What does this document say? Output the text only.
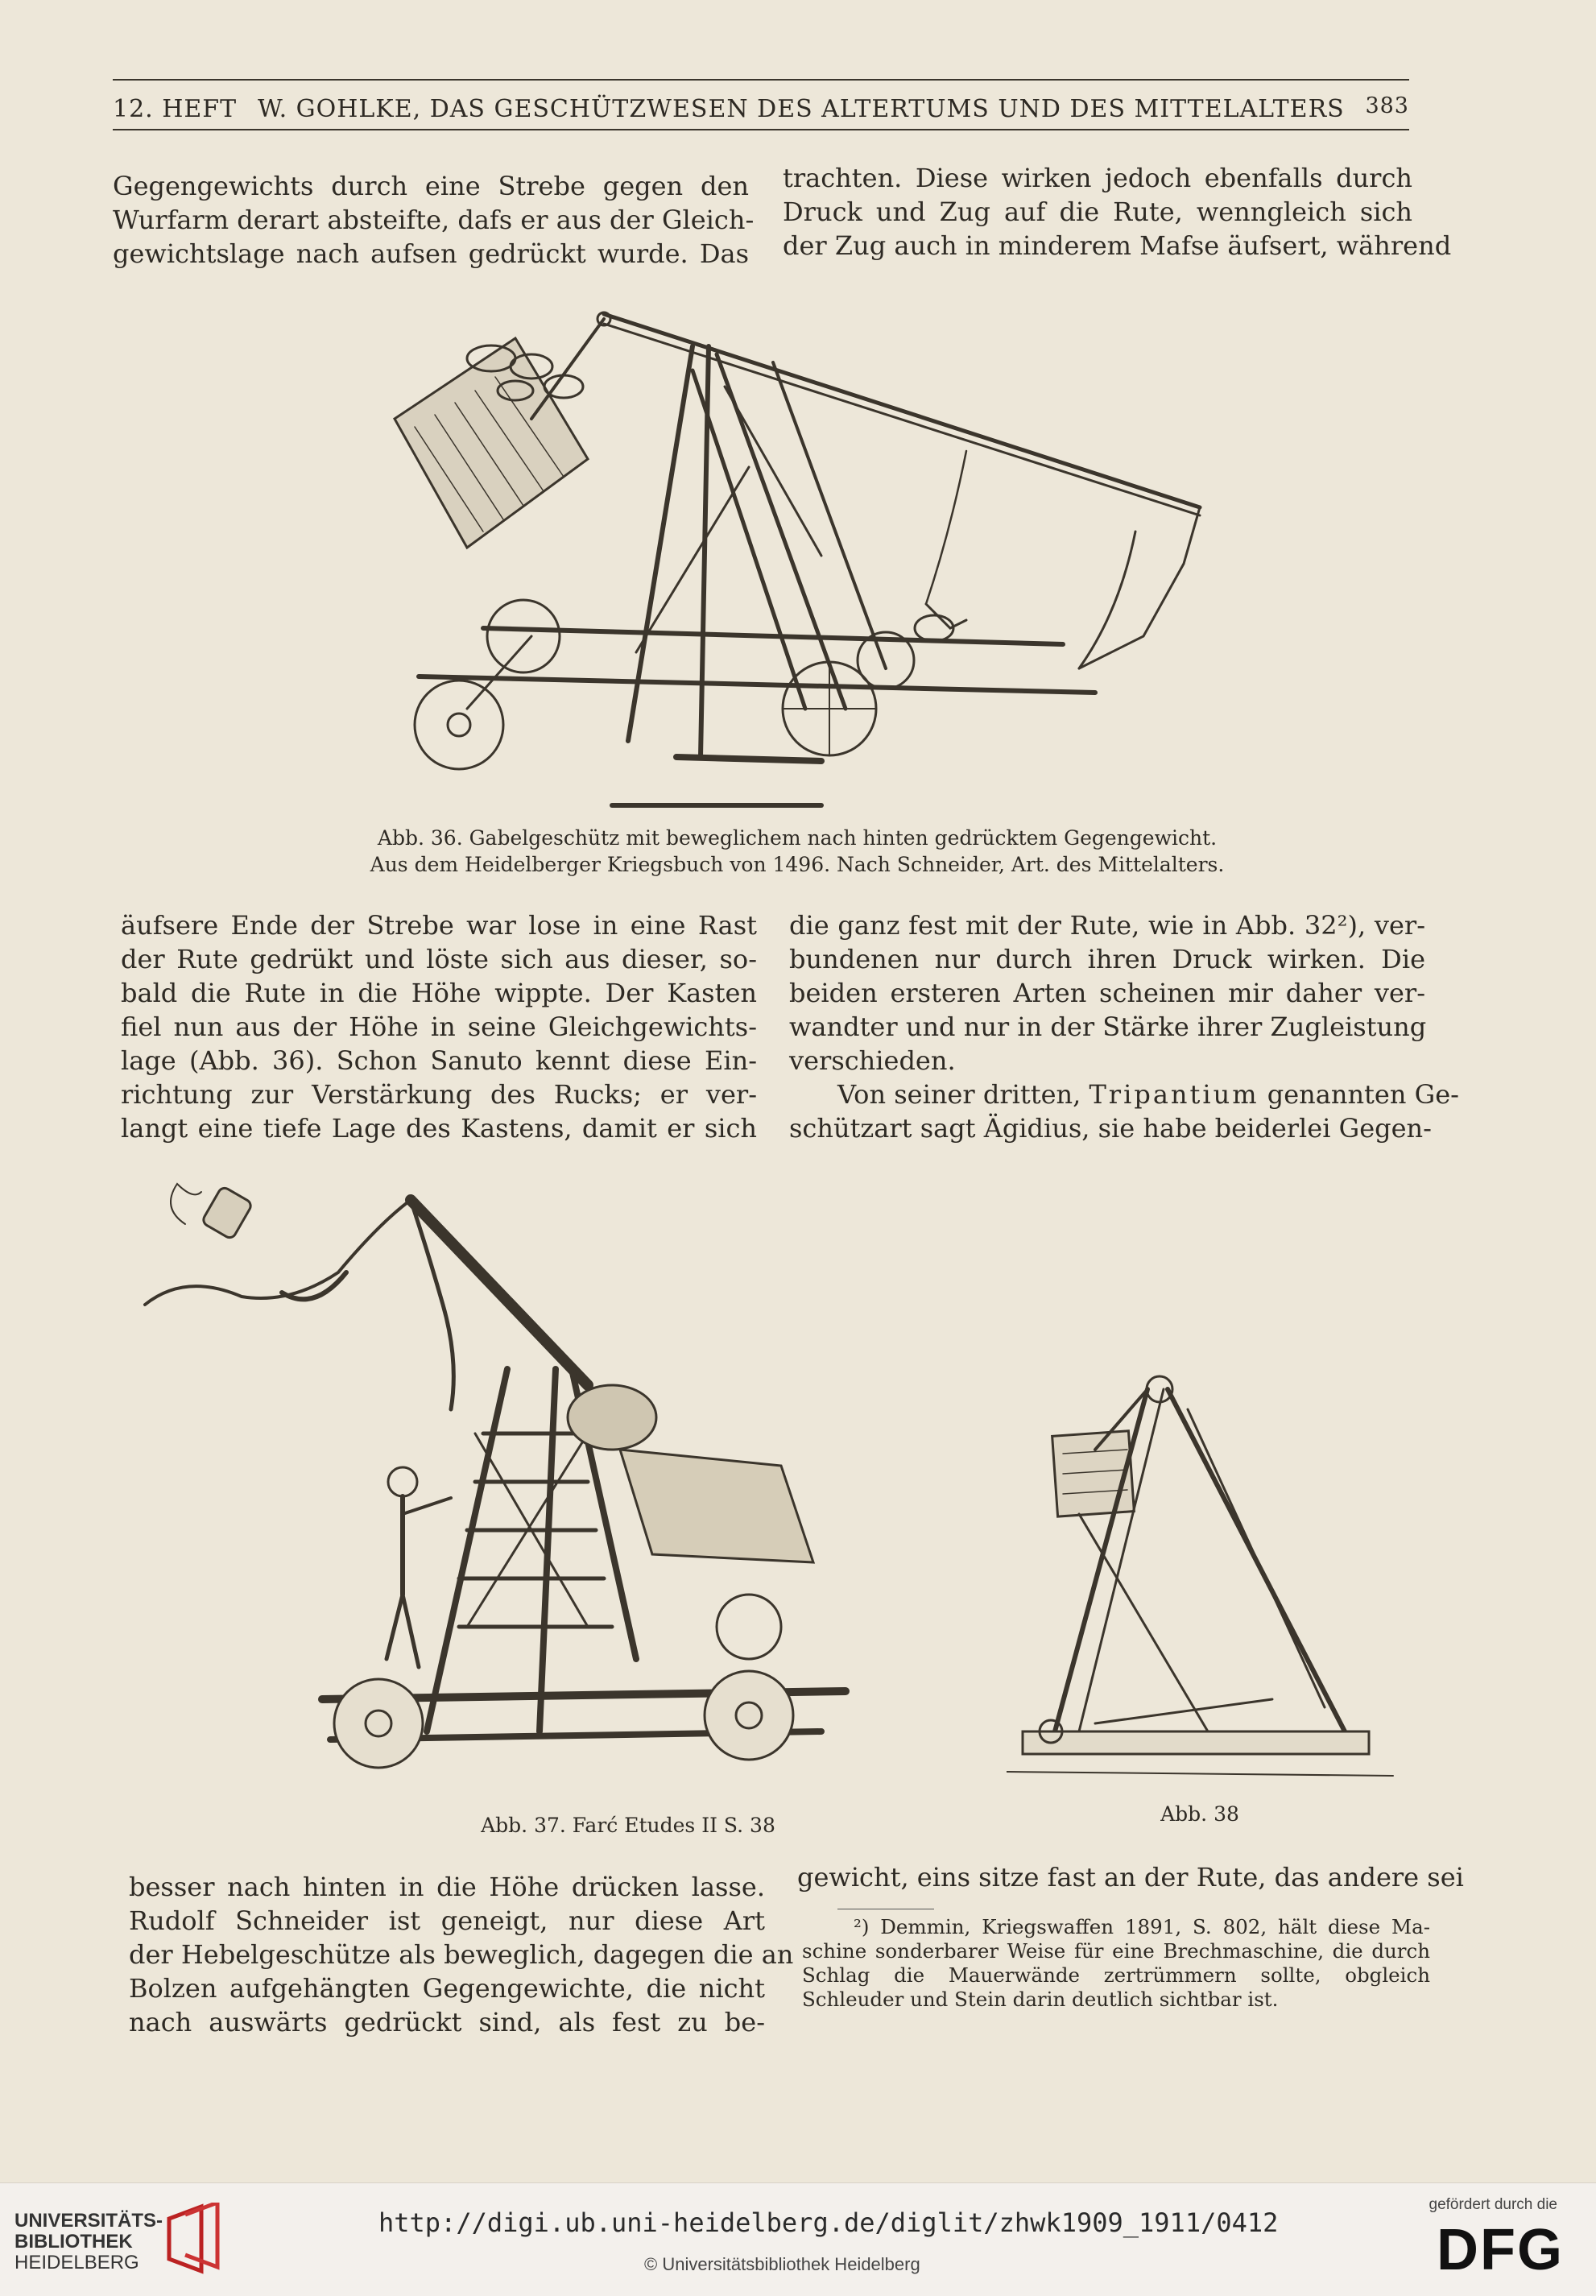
12. HEFT W. GOHLKE, DAS GESCHÜTZWESEN DES ALTERTUMS UND DES MITTELALTERS 383
Gegengewichts durch eine Strebe gegen den
Wurfarm derart absteifte, dafs er aus der Gleich-
gewichtslage nach aufsen gedrückt wurde. Das
trachten. Diese wirken jedoch ebenfalls durch
Druck und Zug auf die Rute, wenngleich sich
der Zug auch in minderem Mafse äufsert, während
Abb. 36. Gabelgeschütz mit beweglichem nach hinten gedrücktem Gegengewicht.
Aus dem Heidelberger Kriegsbuch von 1496. Nach Schneider, Art. des Mittelalters.
äufsere Ende der Strebe war lose in eine Rast
der Rute gedrükt und löste sich aus dieser, so-
bald die Rute in die Höhe wippte. Der Kasten
fiel nun aus der Höhe in seine Gleichgewichts-
lage (Abb. 36). Schon Sanuto kennt diese Ein-
richtung zur Verstärkung des Rucks; er ver-
langt eine tiefe Lage des Kastens, damit er sich
die ganz fest mit der Rute, wie in Abb. 32²), ver-
bundenen nur durch ihren Druck wirken. Die
beiden ersteren Arten scheinen mir daher ver-
wandter und nur in der Stärke ihrer Zugleistung
verschieden.
Von seiner dritten, Tripantium genannten Ge-
schützart sagt Ägidius, sie habe beiderlei Gegen-
Abb. 37. Farć Etudes II S. 38	Abb. 38
besser nach hinten in die Höhe drücken lasse.
Rudolf Schneider ist geneigt, nur diese Art
der Hebelgeschütze als beweglich, dagegen die an
Bolzen aufgehängten Gegengewichte, die nicht
nach auswärts gedrückt sind, als fest zu be-
gewicht, eins sitze fast an der Rute, das andere sei
²) Demmin, Kriegswaffen 1891, S. 802, hält diese Ma-
schine sonderbarer Weise für eine Brechmaschine, die durch
Schlag die Mauerwände zertrümmern sollte, obgleich
Schleuder und Stein darin deutlich sichtbar ist.
UNIVERSITÄTS-
BIBLIOTHEK
HEIDELBERG
http://digi.ub.uni-heidelberg.de/diglit/zhwk1909_1911/0412
© Universitätsbibliothek Heidelberg
gefördert durch die
DFG
